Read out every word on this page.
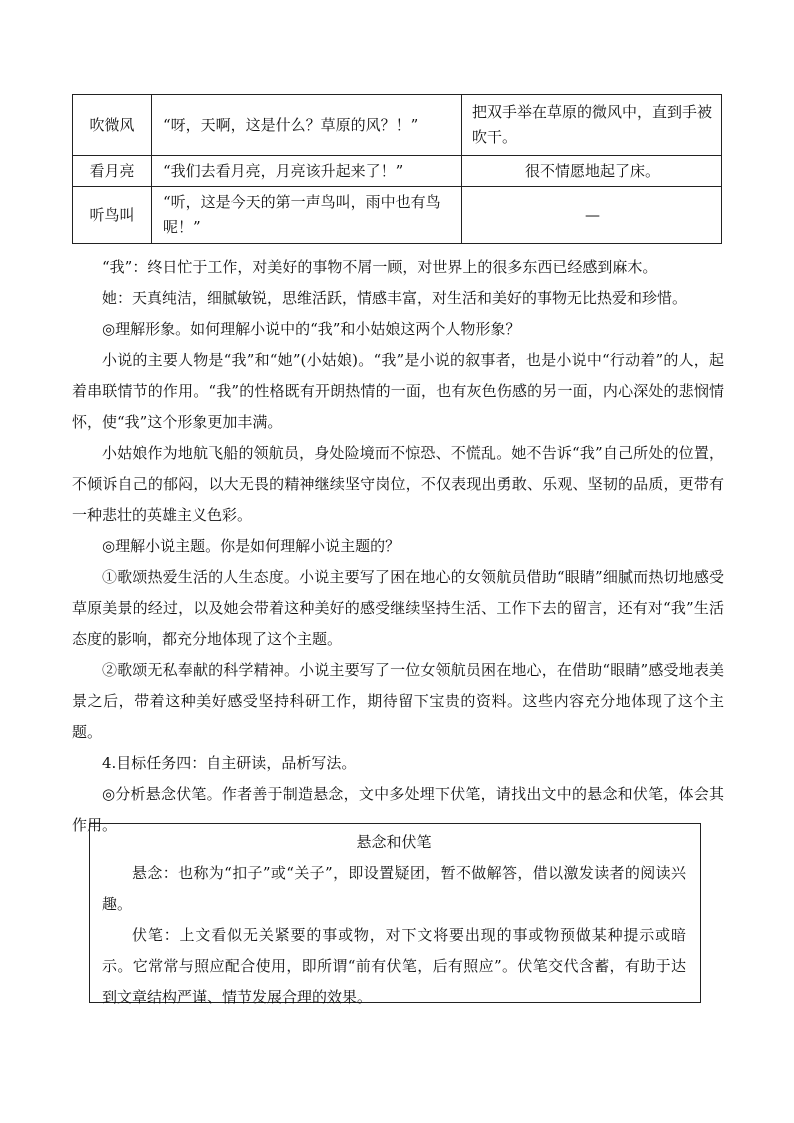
吹微风	“呀，天啊，这是什么？草原的风？！”	把双手举在草原的微风中，直到手被吹干。
看月亮	“我们去看月亮，月亮该升起来了！”	很不情愿地起了床。
听鸟叫	“听，这是今天的第一声鸟叫，雨中也有鸟呢！”	—

“我”：终日忙于工作，对美好的事物不屑一顾，对世界上的很多东西已经感到麻木。

她：天真纯洁，细腻敏锐，思维活跃，情感丰富，对生活和美好的事物无比热爱和珍惜。

◎理解形象。如何理解小说中的“我”和小姑娘这两个人物形象？

小说的主要人物是“我”和“她”(小姑娘)。“我”是小说的叙事者，也是小说中“行动着”的人，起着串联情节的作用。“我”的性格既有开朗热情的一面，也有灰色伤感的另一面，内心深处的悲悯情怀，使“我”这个形象更加丰满。

小姑娘作为地航飞船的领航员，身处险境而不惊恐、不慌乱。她不告诉“我”自己所处的位置，不倾诉自己的郁闷，以大无畏的精神继续坚守岗位，不仅表现出勇敢、乐观、坚韧的品质，更带有一种悲壮的英雄主义色彩。

◎理解小说主题。你是如何理解小说主题的？

①歌颂热爱生活的人生态度。小说主要写了困在地心的女领航员借助“眼睛”细腻而热切地感受草原美景的经过，以及她会带着这种美好的感受继续坚持生活、工作下去的留言，还有对“我”生活态度的影响，都充分地体现了这个主题。

②歌颂无私奉献的科学精神。小说主要写了一位女领航员困在地心，在借助“眼睛”感受地表美景之后，带着这种美好感受坚持科研工作，期待留下宝贵的资料。这些内容充分地体现了这个主题。

4.目标任务四：自主研读，品析写法。

◎分析悬念伏笔。作者善于制造悬念，文中多处埋下伏笔，请找出文中的悬念和伏笔，体会其作用。

悬念和伏笔

悬念：也称为“扣子”或“关子”，即设置疑团，暂不做解答，借以激发读者的阅读兴趣。

伏笔：上文看似无关紧要的事或物，对下文将要出现的事或物预做某种提示或暗示。它常常与照应配合使用，即所谓“前有伏笔，后有照应”。伏笔交代含蓄，有助于达到文章结构严谨、情节发展合理的效果。
